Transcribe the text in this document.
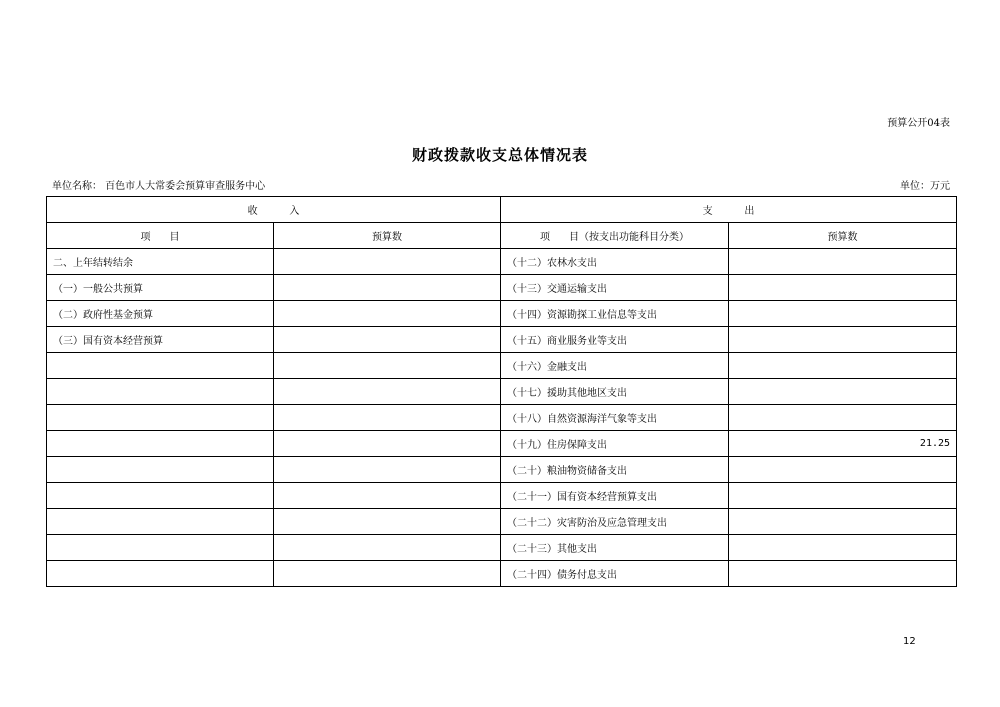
预算公开04表
财政拨款收支总体情况表
单位名称： 百色市人大常委会预算审查服务中心	单位：万元
收          入		支          出	
项      目	预算数	项      目（按支出功能科目分类）	预算数
二、上年结转结余		（十二）农林水支出	
（一）一般公共预算		（十三）交通运输支出	
（二）政府性基金预算		（十四）资源勘探工业信息等支出	
（三）国有资本经营预算		（十五）商业服务业等支出	
		（十六）金融支出	
		（十七）援助其他地区支出	
		（十八）自然资源海洋气象等支出	
		（十九）住房保障支出	21.25
		（二十）粮油物资储备支出	
		（二十一）国有资本经营预算支出	
		（二十二）灾害防治及应急管理支出	
		（二十三）其他支出	
		（二十四）债务付息支出	
12
